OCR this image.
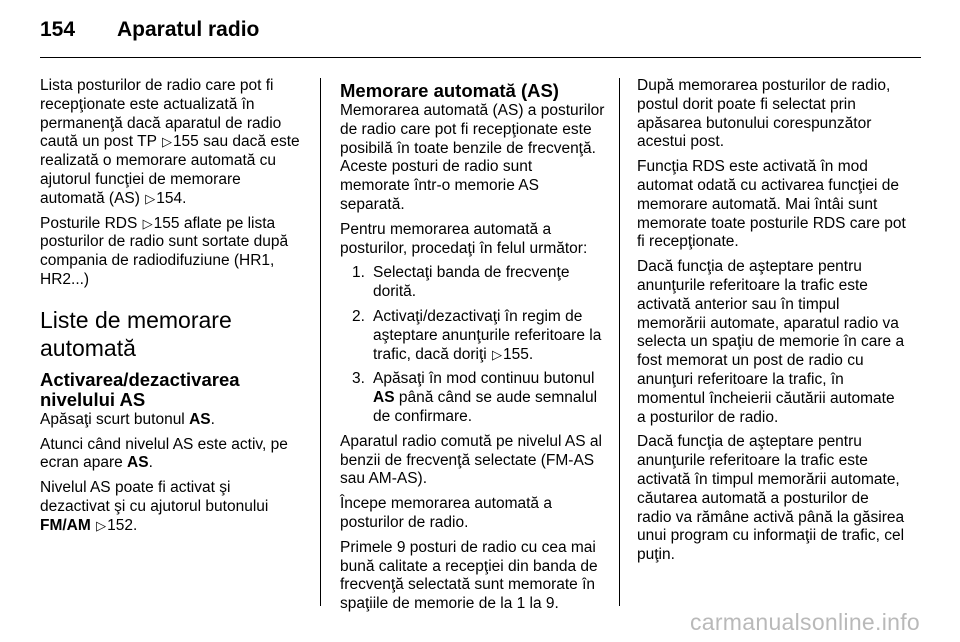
154 Aparatul radio

Lista posturilor de radio care pot fi recepţionate este actualizată în permanenţă dacă aparatul de radio caută un post TP ▷155 sau dacă este realizată o memorare automată cu ajutorul funcţiei de memorare automată (AS) ▷154.

Posturile RDS ▷155 aflate pe lista posturilor de radio sunt sortate după compania de radiodifuziune (HR1, HR2...)

Liste de memorare automată
Activarea/dezactivarea nivelului AS

Apăsaţi scurt butonul AS.

Atunci când nivelul AS este activ, pe ecran apare AS.

Nivelul AS poate fi activat şi dezactivat şi cu ajutorul butonului FM/AM ▷152.

Memorare automată (AS)

Memorarea automată (AS) a posturilor de radio care pot fi recepţionate este posibilă în toate benzile de frecvenţă. Aceste posturi de radio sunt memorate într-o memorie AS separată.

Pentru memorarea automată a posturilor, procedaţi în felul următor:

1. Selectaţi banda de frecvenţe dorită.
2. Activaţi/dezactivaţi în regim de aşteptare anunţurile referitoare la trafic, dacă doriţi ▷155.
3. Apăsaţi în mod continuu butonul AS până când se aude semnalul de confirmare.

Aparatul radio comută pe nivelul AS al benzii de frecvenţă selectate (FM-AS sau AM-AS).

Începe memorarea automată a posturilor de radio.

Primele 9 posturi de radio cu cea mai bună calitate a recepţiei din banda de frecvenţă selectată sunt memorate în spaţiile de memorie de la 1 la 9.

După memorarea posturilor de radio, postul dorit poate fi selectat prin apăsarea butonului corespunzător acestui post.

Funcţia RDS este activată în mod automat odată cu activarea funcţiei de memorare automată. Mai întâi sunt memorate toate posturile RDS care pot fi recepţionate.

Dacă funcţia de aşteptare pentru anunţurile referitoare la trafic este activată anterior sau în timpul memorării automate, aparatul radio va selecta un spaţiu de memorie în care a fost memorat un post de radio cu anunţuri referitoare la trafic, în momentul încheierii căutării automate a posturilor de radio.

Dacă funcţia de aşteptare pentru anunţurile referitoare la trafic este activată în timpul memorării automate, căutarea automată a posturilor de radio va rămâne activă până la găsirea unui program cu informaţii de trafic, cel puţin.

carmanualsonline.info
